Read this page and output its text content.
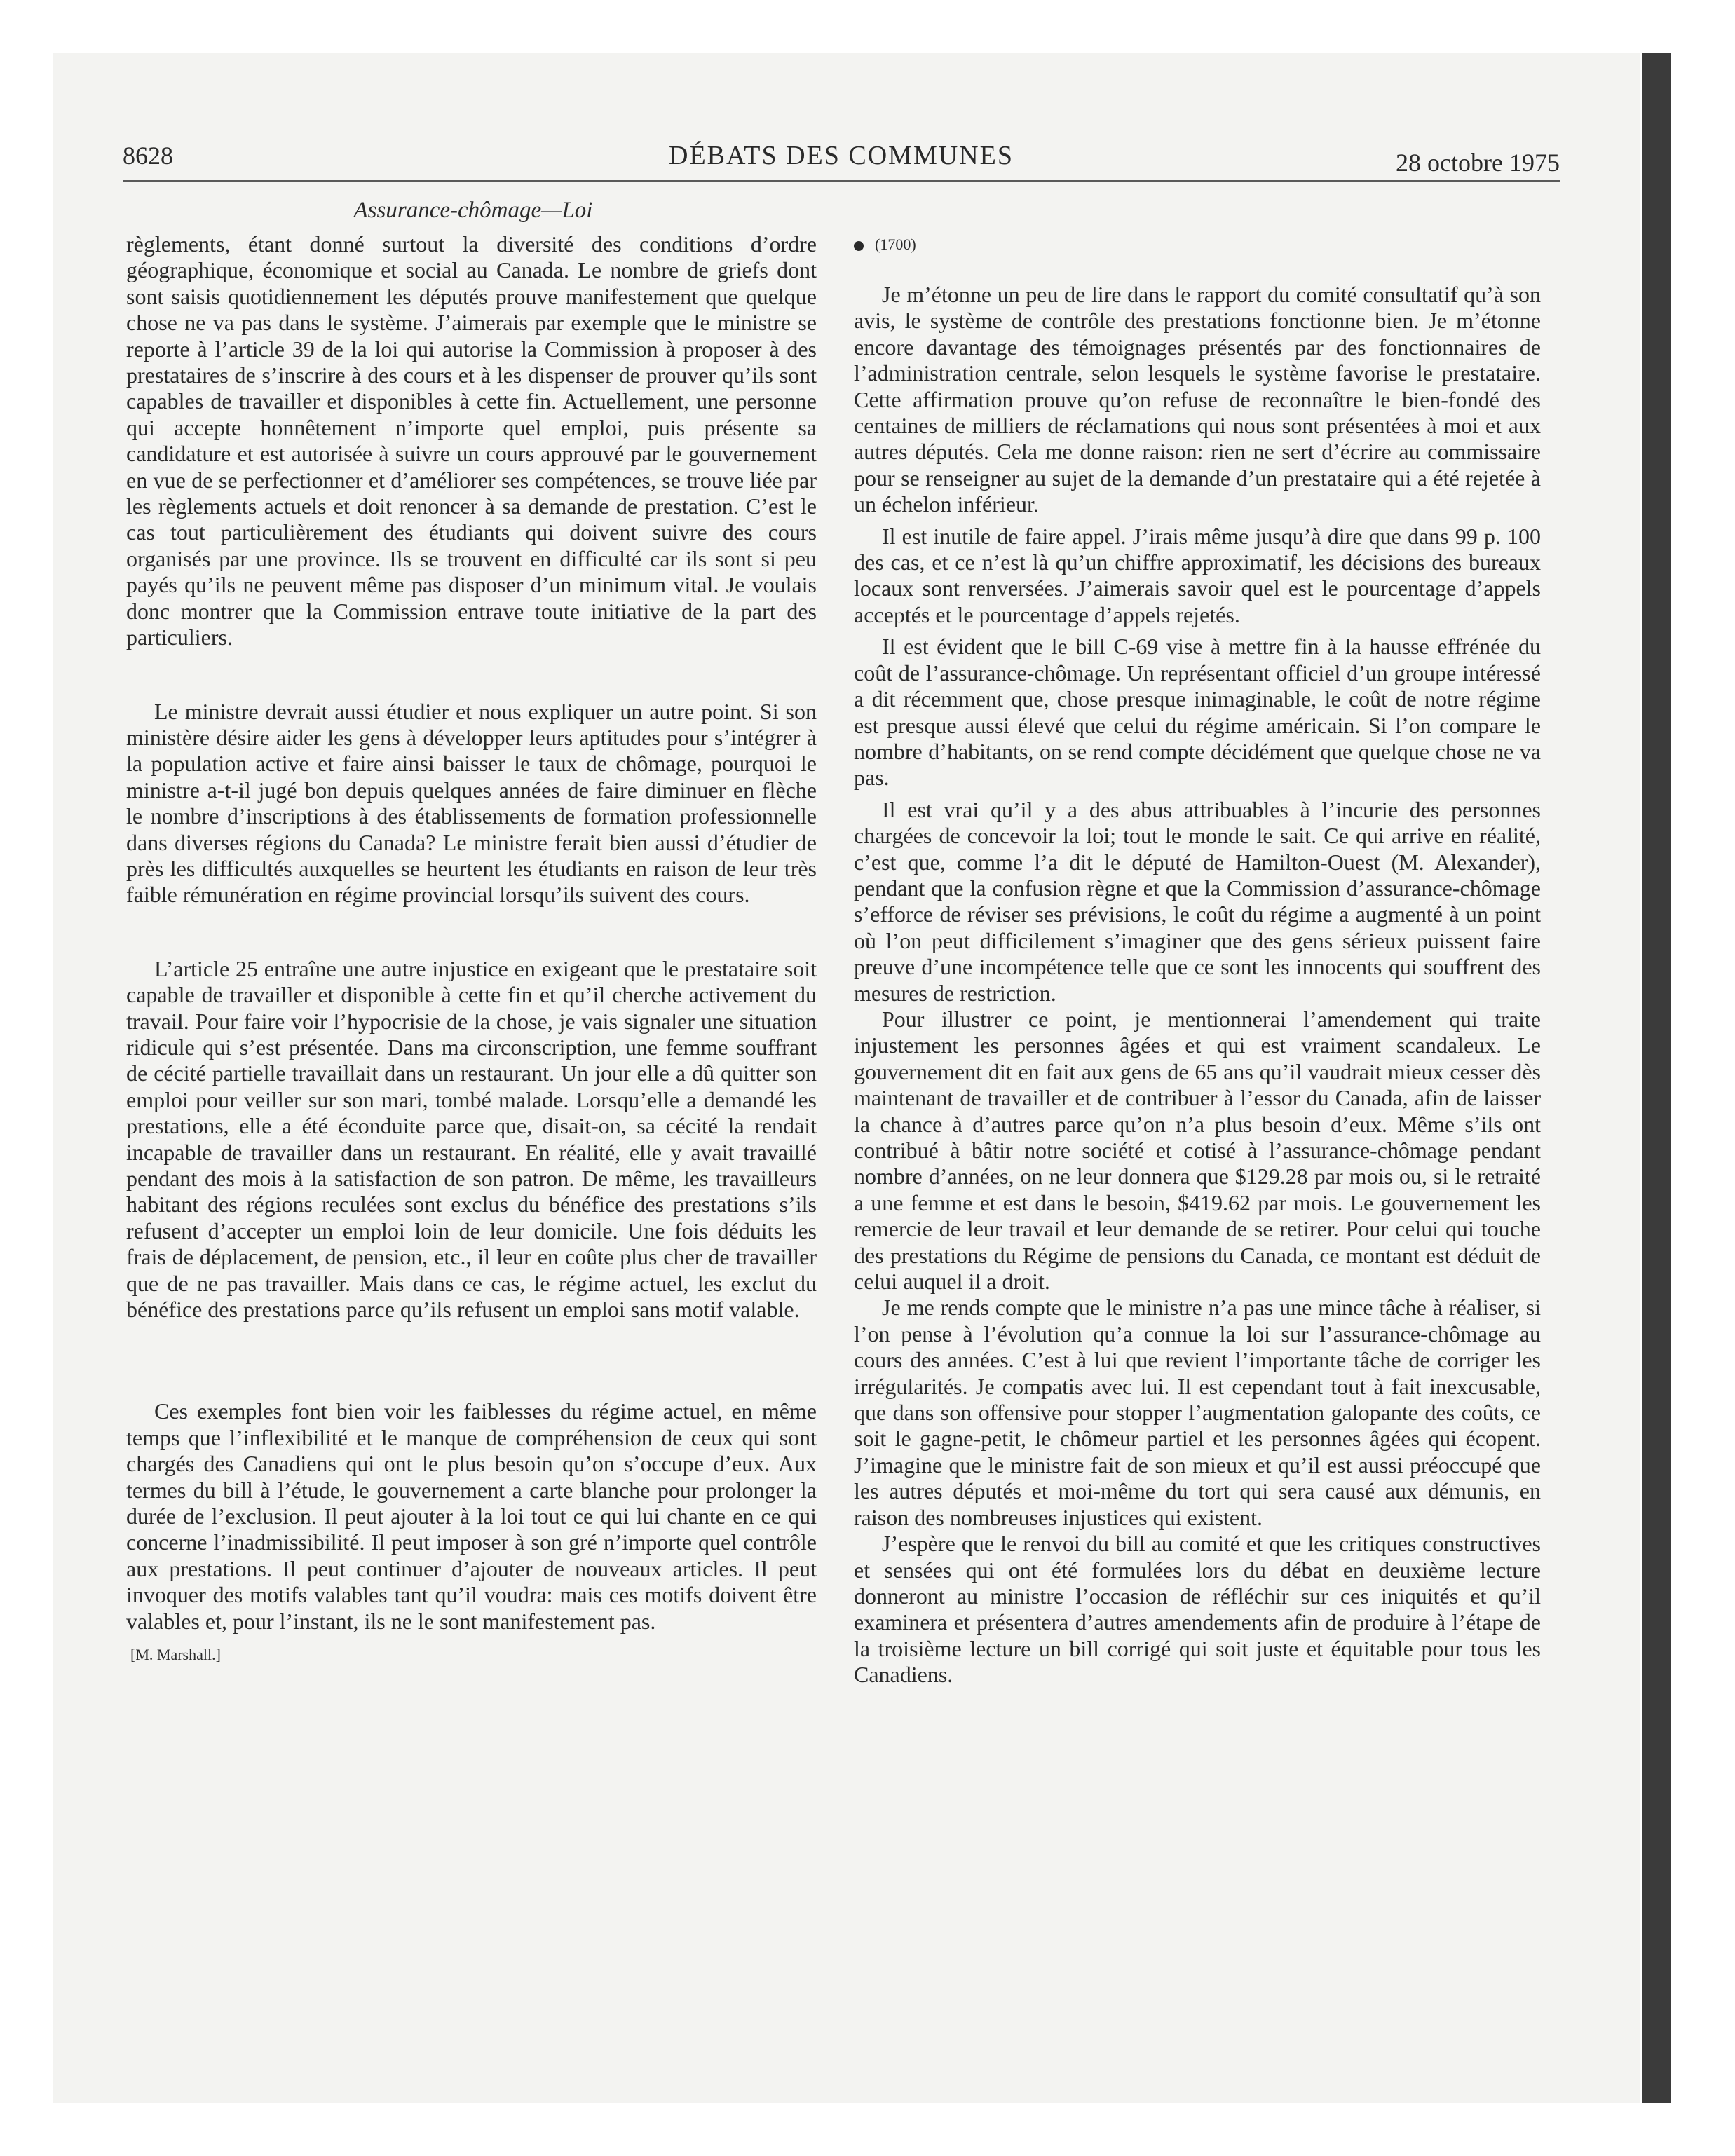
8628	DÉBATS DES COMMUNES	28 octobre 1975
Assurance-chômage—Loi

règlements, étant donné surtout la diversité des conditions d’ordre géographique, économique et social au Canada. Le nombre de griefs dont sont saisis quotidiennement les députés prouve manifestement que quelque chose ne va pas dans le système. J’aimerais par exemple que le ministre se reporte à l’article 39 de la loi qui autorise la Commission à proposer à des prestataires de s’inscrire à des cours et à les dispenser de prouver qu’ils sont capables de travailler et disponibles à cette fin. Actuellement, une personne qui accepte honnêtement n’importe quel emploi, puis présente sa candidature et est autorisée à suivre un cours approuvé par le gouvernement en vue de se perfectionner et d’améliorer ses compétences, se trouve liée par les règlements actuels et doit renoncer à sa demande de prestation. C’est le cas tout particulièrement des étudiants qui doivent suivre des cours organisés par une province. Ils se trouvent en difficulté car ils sont si peu payés qu’ils ne peuvent même pas disposer d’un minimum vital. Je voulais donc montrer que la Commission entrave toute initiative de la part des particuliers.

Le ministre devrait aussi étudier et nous expliquer un autre point. Si son ministère désire aider les gens à développer leurs aptitudes pour s’intégrer à la population active et faire ainsi baisser le taux de chômage, pourquoi le ministre a-t-il jugé bon depuis quelques années de faire diminuer en flèche le nombre d’inscriptions à des établissements de formation professionnelle dans diverses régions du Canada? Le ministre ferait bien aussi d’étudier de près les difficultés auxquelles se heurtent les étudiants en raison de leur très faible rémunération en régime provincial lorsqu’ils suivent des cours.

L’article 25 entraîne une autre injustice en exigeant que le prestataire soit capable de travailler et disponible à cette fin et qu’il cherche activement du travail. Pour faire voir l’hypocrisie de la chose, je vais signaler une situation ridicule qui s’est présentée. Dans ma circonscription, une femme souffrant de cécité partielle travaillait dans un restaurant. Un jour elle a dû quitter son emploi pour veiller sur son mari, tombé malade. Lorsqu’elle a demandé les prestations, elle a été éconduite parce que, disait-on, sa cécité la rendait incapable de travailler dans un restaurant. En réalité, elle y avait travaillé pendant des mois à la satisfaction de son patron. De même, les travailleurs habitant des régions reculées sont exclus du bénéfice des prestations s’ils refusent d’accepter un emploi loin de leur domicile. Une fois déduits les frais de déplacement, de pension, etc., il leur en coûte plus cher de travailler que de ne pas travailler. Mais dans ce cas, le régime actuel, les exclut du bénéfice des prestations parce qu’ils refusent un emploi sans motif valable.

Ces exemples font bien voir les faiblesses du régime actuel, en même temps que l’inflexibilité et le manque de compréhension de ceux qui sont chargés des Canadiens qui ont le plus besoin qu’on s’occupe d’eux. Aux termes du bill à l’étude, le gouvernement a carte blanche pour prolonger la durée de l’exclusion. Il peut ajouter à la loi tout ce qui lui chante en ce qui concerne l’inadmissibilité. Il peut imposer à son gré n’importe quel contrôle aux prestations. Il peut continuer d’ajouter de nouveaux articles. Il peut invoquer des motifs valables tant qu’il voudra: mais ces motifs doivent être valables et, pour l’instant, ils ne le sont manifestement pas.

[M. Marshall.]
(1700)

Je m’étonne un peu de lire dans le rapport du comité consultatif qu’à son avis, le système de contrôle des prestations fonctionne bien. Je m’étonne encore davantage des témoignages présentés par des fonctionnaires de l’administration centrale, selon lesquels le système favorise le prestataire. Cette affirmation prouve qu’on refuse de reconnaître le bien-fondé des centaines de milliers de réclamations qui nous sont présentées à moi et aux autres députés. Cela me donne raison: rien ne sert d’écrire au commissaire pour se renseigner au sujet de la demande d’un prestataire qui a été rejetée à un échelon inférieur.

Il est inutile de faire appel. J’irais même jusqu’à dire que dans 99 p. 100 des cas, et ce n’est là qu’un chiffre approximatif, les décisions des bureaux locaux sont renversées. J’aimerais savoir quel est le pourcentage d’appels acceptés et le pourcentage d’appels rejetés.

Il est évident que le bill C-69 vise à mettre fin à la hausse effrénée du coût de l’assurance-chômage. Un représentant officiel d’un groupe intéressé a dit récemment que, chose presque inimaginable, le coût de notre régime est presque aussi élevé que celui du régime américain. Si l’on compare le nombre d’habitants, on se rend compte décidément que quelque chose ne va pas.

Il est vrai qu’il y a des abus attribuables à l’incurie des personnes chargées de concevoir la loi; tout le monde le sait. Ce qui arrive en réalité, c’est que, comme l’a dit le député de Hamilton-Ouest (M. Alexander), pendant que la confusion règne et que la Commission d’assurance-chômage s’efforce de réviser ses prévisions, le coût du régime a augmenté à un point où l’on peut difficilement s’imaginer que des gens sérieux puissent faire preuve d’une incompétence telle que ce sont les innocents qui souffrent des mesures de restriction.

Pour illustrer ce point, je mentionnerai l’amendement qui traite injustement les personnes âgées et qui est vraiment scandaleux. Le gouvernement dit en fait aux gens de 65 ans qu’il vaudrait mieux cesser dès maintenant de travailler et de contribuer à l’essor du Canada, afin de laisser la chance à d’autres parce qu’on n’a plus besoin d’eux. Même s’ils ont contribué à bâtir notre société et cotisé à l’assurance-chômage pendant nombre d’années, on ne leur donnera que $129.28 par mois ou, si le retraité a une femme et est dans le besoin, $419.62 par mois. Le gouvernement les remercie de leur travail et leur demande de se retirer. Pour celui qui touche des prestations du Régime de pensions du Canada, ce montant est déduit de celui auquel il a droit.

Je me rends compte que le ministre n’a pas une mince tâche à réaliser, si l’on pense à l’évolution qu’a connue la loi sur l’assurance-chômage au cours des années. C’est à lui que revient l’importante tâche de corriger les irrégularités. Je compatis avec lui. Il est cependant tout à fait inexcusable, que dans son offensive pour stopper l’augmentation galopante des coûts, ce soit le gagne-petit, le chômeur partiel et les personnes âgées qui écopent. J’imagine que le ministre fait de son mieux et qu’il est aussi préoccupé que les autres députés et moi-même du tort qui sera causé aux démunis, en raison des nombreuses injustices qui existent.

J’espère que le renvoi du bill au comité et que les critiques constructives et sensées qui ont été formulées lors du débat en deuxième lecture donneront au ministre l’occasion de réfléchir sur ces iniquités et qu’il examinera et présentera d’autres amendements afin de produire à l’étape de la troisième lecture un bill corrigé qui soit juste et équitable pour tous les Canadiens.
